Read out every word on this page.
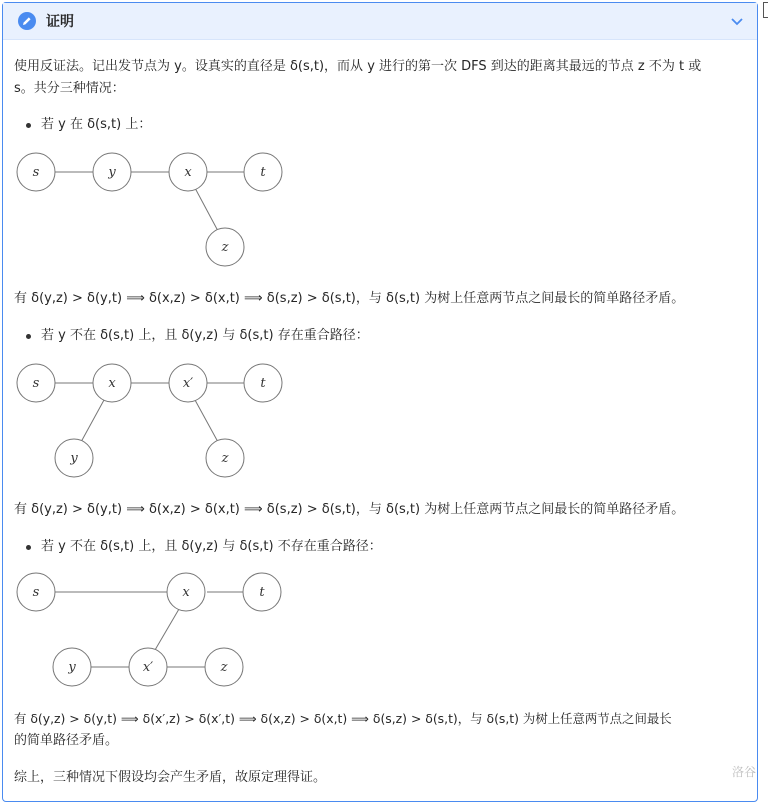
证明

使用反证法。记出发节点为 y。设真实的直径是 δ(s,t)，而从 y 进行的第一次 DFS 到达的距离其最远的节点 z 不为 t 或

s。共分三种情况：

若 y 在 δ(s,t) 上：
s	y	x	t
z

有 δ(y,z) > δ(y,t) ⟹ δ(x,z) > δ(x,t) ⟹ δ(s,z) > δ(s,t)，与 δ(s,t) 为树上任意两节点之间最长的简单路径矛盾。

若 y 不在 δ(s,t) 上，且 δ(y,z) 与 δ(s,t) 存在重合路径：
s	x	x′	t
y	z

有 δ(y,z) > δ(y,t) ⟹ δ(x,z) > δ(x,t) ⟹ δ(s,z) > δ(s,t)，与 δ(s,t) 为树上任意两节点之间最长的简单路径矛盾。

若 y 不在 δ(s,t) 上，且 δ(y,z) 与 δ(s,t) 不存在重合路径：
s	x	t
y	x′	z

有 δ(y,z) > δ(y,t) ⟹ δ(x′,z) > δ(x′,t) ⟹ δ(x,z) > δ(x,t) ⟹ δ(s,z) > δ(s,t)，与 δ(s,t) 为树上任意两节点之间最长

的简单路径矛盾。

综上，三种情况下假设均会产生矛盾，故原定理得证。	洛谷
